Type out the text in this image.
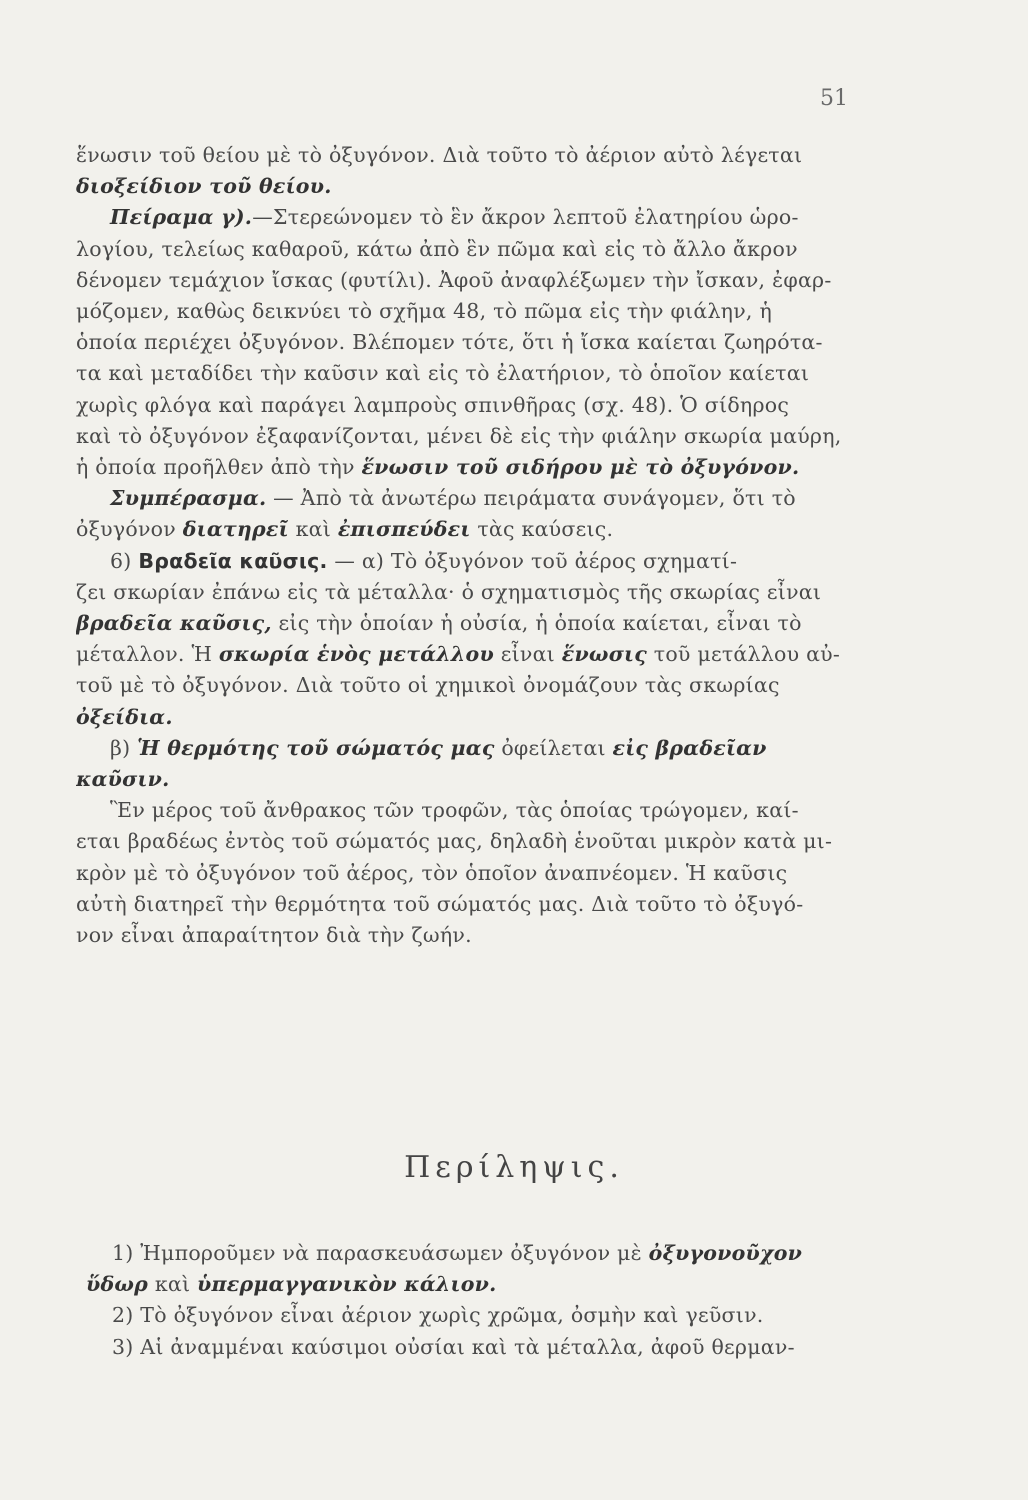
51
ἕνωσιν τοῦ θείου μὲ τὸ ὀξυγόνον. Διὰ τοῦτο τὸ ἀέριον αὐτὸ λέγεται
διοξείδιον τοῦ θείου.
Πείραμα γ).—Στερεώνομεν τὸ ἓν ἄκρον λεπτοῦ ἐλατηρίου ὡρο-
λογίου, τελείως καθαροῦ, κάτω ἀπὸ ἓν πῶμα καὶ εἰς τὸ ἄλλο ἄκρον
δένομεν τεμάχιον ἴσκας (φυτίλι). Ἀφοῦ ἀναφλέξωμεν τὴν ἴσκαν, ἐφαρ-
μόζομεν, καθὼς δεικνύει τὸ σχῆμα 48, τὸ πῶμα εἰς τὴν φιάλην, ἡ
ὁποία περιέχει ὀξυγόνον. Βλέπομεν τότε, ὅτι ἡ ἴσκα καίεται ζωηρότα-
τα καὶ μεταδίδει τὴν καῦσιν καὶ εἰς τὸ ἐλατήριον, τὸ ὁποῖον καίεται
χωρὶς φλόγα καὶ παράγει λαμπροὺς σπινθῆρας (σχ. 48). Ὁ σίδηρος
καὶ τὸ ὀξυγόνον ἐξαφανίζονται, μένει δὲ εἰς τὴν φιάλην σκωρία μαύρη,
ἡ ὁποία προῆλθεν ἀπὸ τὴν ἕνωσιν τοῦ σιδήρου μὲ τὸ ὀξυγόνον.
Συμπέρασμα. — Ἀπὸ τὰ ἀνωτέρω πειράματα συνάγομεν, ὅτι τὸ
ὀξυγόνον διατηρεῖ καὶ ἐπισπεύδει τὰς καύσεις.
6) Βραδεῖα καῦσις. — α) Τὸ ὀξυγόνον τοῦ ἀέρος σχηματί-
ζει σκωρίαν ἐπάνω εἰς τὰ μέταλλα· ὁ σχηματισμὸς τῆς σκωρίας εἶναι
βραδεῖα καῦσις, εἰς τὴν ὁποίαν ἡ οὐσία, ἡ ὁποία καίεται, εἶναι τὸ
μέταλλον. Ἡ σκωρία ἑνὸς μετάλλου εἶναι ἕνωσις τοῦ μετάλλου αὐ-
τοῦ μὲ τὸ ὀξυγόνον. Διὰ τοῦτο οἱ χημικοὶ ὀνομάζουν τὰς σκωρίας
ὀξείδια.
β) Ἡ θερμότης τοῦ σώματός μας ὀφείλεται εἰς βραδεῖαν
καῦσιν.
Ἓν μέρος τοῦ ἄνθρακος τῶν τροφῶν, τὰς ὁποίας τρώγομεν, καί-
εται βραδέως ἐντὸς τοῦ σώματός μας, δηλαδὴ ἑνοῦται μικρὸν κατὰ μι-
κρὸν μὲ τὸ ὀξυγόνον τοῦ ἀέρος, τὸν ὁποῖον ἀναπνέομεν. Ἡ καῦσις
αὐτὴ διατηρεῖ τὴν θερμότητα τοῦ σώματός μας. Διὰ τοῦτο τὸ ὀξυγό-
νον εἶναι ἀπαραίτητον διὰ τὴν ζωήν.
Περίληψις.
1) Ἠμποροῦμεν νὰ παρασκευάσωμεν ὀξυγόνον μὲ ὀξυγονοῦχον
ὕδωρ καὶ ὑπερμαγγανικὸν κάλιον.
2) Τὸ ὀξυγόνον εἶναι ἀέριον χωρὶς χρῶμα, ὀσμὴν καὶ γεῦσιν.
3) Αἱ ἀναμμέναι καύσιμοι οὐσίαι καὶ τὰ μέταλλα, ἀφοῦ θερμαν-
